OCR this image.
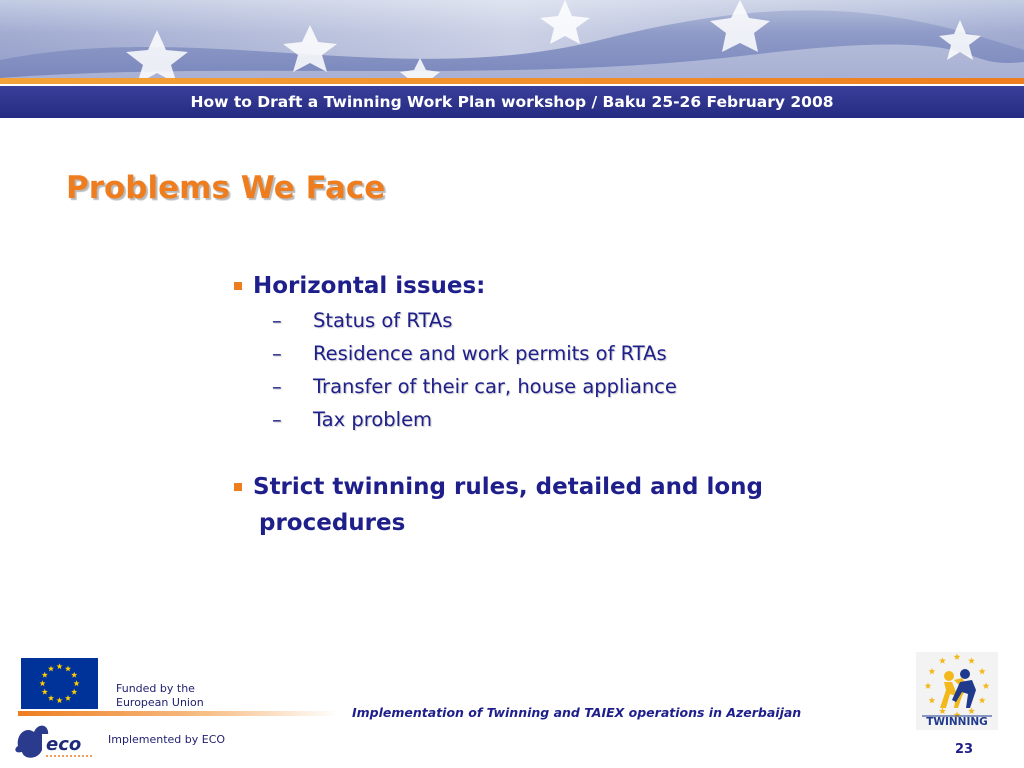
How to Draft a Twinning Work Plan workshop / Baku 25-26 February 2008
Problems We Face
Horizontal issues:
– Status of RTAs
– Residence and work permits of RTAs
– Transfer of their car, house appliance
– Tax problem
Strict twinning rules, detailed and long
procedures
Funded by the
European Union
eco Implemented by ECO
Implementation of Twinning and TAIEX operations in Azerbaijan
TWINNING
23
